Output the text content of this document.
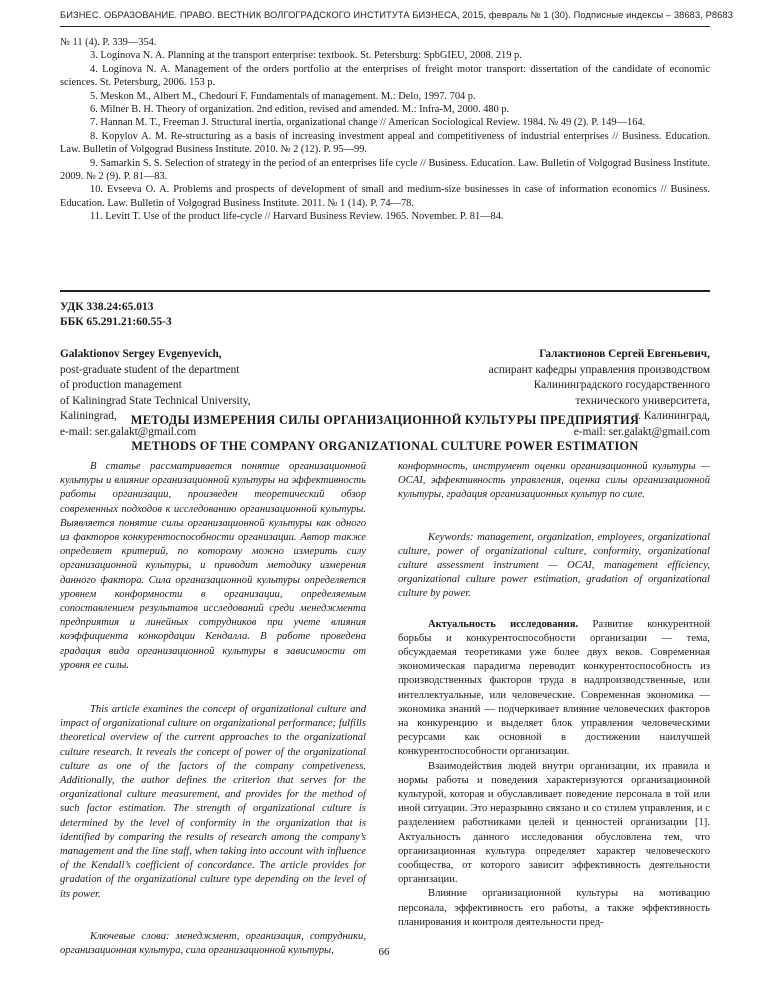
БИЗНЕС. ОБРАЗОВАНИЕ. ПРАВО. ВЕСТНИК ВОЛГОГРАДСКОГО ИНСТИТУТА БИЗНЕСА, 2015, февраль № 1 (30). Подписные индексы – 38683, Р8683

№ 11 (4). P. 339—354.

3. Loginova N. A. Planning at the transport enterprise: textbook. St. Petersburg: SpbGIEU, 2008. 219 p.

4. Loginova N. A. Management of the orders portfolio at the enterprises of freight motor transport: dissertation of the candidate of economic sciences. St. Petersburg, 2006. 153 p.

5. Meskon M., Albert M., Chedouri F. Fundamentals of management. M.: Delo, 1997. 704 p.

6. Milner B. H. Theory of organization. 2nd edition, revised and amended. M.: Infra-M, 2000. 480 p.

7. Hannan M. T., Freeman J. Structural inertia, organizational change // American Sociological Review. 1984. № 49 (2). P. 149—164.

8. Kopylov A. M. Re-structuring as a basis of increasing investment appeal and competitiveness of industrial enterprises // Business. Education. Law. Bulletin of Volgograd Business Institute. 2010. № 2 (12). P. 95—99.

9. Samarkin S. S. Selection of strategy in the period of an enterprises life cycle // Business. Education. Law. Bulletin of Volgograd Business Institute. 2009. № 2 (9). P. 81—83.

10. Evseeva O. A. Problems and prospects of development of small and medium-size businesses in case of information economics // Business. Education. Law. Bulletin of Volgograd Business Institute. 2011. № 1 (14). P. 74—78.

11. Levitt T. Use of the product life-cycle // Harvard Business Review. 1965. November. P. 81—84.

УДК 338.24:65.013
ББК 65.291.21:60.55-3
Galaktionov Sergey Evgenyevich,
post-graduate student of the department
of production management
of Kaliningrad State Technical University,
Kaliningrad,
e-mail: ser.galakt@gmail.com
Галактионов Сергей Евгеньевич,
аспирант кафедры управления производством
Калининградского государственного
технического университета,
г. Калининград,
e-mail: ser.galakt@gmail.com
МЕТОДЫ ИЗМЕРЕНИЯ СИЛЫ ОРГАНИЗАЦИОННОЙ КУЛЬТУРЫ ПРЕДПРИЯТИЯ
METHODS OF THE COMPANY ORGANIZATIONAL CULTURE POWER ESTIMATION

В статье рассматривается понятие организационной культуры и влияние организационной культуры на эффективность работы организации, произведен теоретический обзор современных подходов к исследованию организационной культуры. Выявляется понятие силы организационной культуры как одного из факторов конкурентоспособности организации. Автор также определяет критерий, по которому можно измерить силу организационной культуры, и приводит методику измерения данного фактора. Сила организационной культуры определяется уровнем конформности в организации, определяемым сопоставлением результатов исследований среди менеджмента предприятия и линейных сотрудников при учете влияния коэффициента конкордации Кендалла. В работе проведена градация вида организационной культуры в зависимости от уровня ее силы.

This article examines the concept of organizational culture and impact of organizational culture on organizational performance; fulfills theoretical overview of the current approaches to the organizational culture research. It reveals the concept of power of the organizational culture as one of the factors of the company competiveness. Additionally, the author defines the criterion that serves for the organizational culture measurement, and provides for the method of such factor estimation. The strength of organizational culture is determined by the level of conformity in the organization that is identified by comparing the results of research among the company’s management and the line staff, when taking into account with influence of the Kendall’s coefficient of concordance. The article provides for gradation of the organizational culture type depending on the level of its power.

Ключевые слова: менеджмент, организация, сотрудники, организационная культура, сила организационной культуры,

конформность, инструмент оценки организационной культуры — OCAI, эффективность управления, оценка силы организационной культуры, градация организационных культур по силе.

Keywords: management, organization, employees, organizational culture, power of organizational culture, conformity, organizational culture assessment instrument — OCAI, management efficiency, organizational culture power estimation, gradation of organizational culture by power.

Актуальность исследования. Развитие конкурентной борьбы и конкурентоспособности организации — тема, обсуждаемая теоретиками уже более двух веков. Современная экономическая парадигма переводит конкурентоспособность из производственных факторов труда в надпроизводственные, или интеллектуальные, или человеческие. Современная экономика — экономика знаний — подчеркивает влияние человеческих факторов на конкуренцию и выделяет блок управления человеческими ресурсами как основной в достижении наилучшей конкурентоспособности организации.

Взаимодействия людей внутри организации, их правила и нормы работы и поведения характеризуются организационной культурой, которая и обуславливает поведение персонала в той или иной ситуации. Это неразрывно связано и со стилем управления, и с разделением работниками целей и ценностей организации [1]. Актуальность данного исследования обусловлена тем, что организационная культура определяет характер человеческого сообщества, от которого зависит эффективность деятельности организации.

Влияние организационной культуры на мотивацию персонала, эффективность его работы, а также эффективность планирования и контроля деятельности пред-

66
